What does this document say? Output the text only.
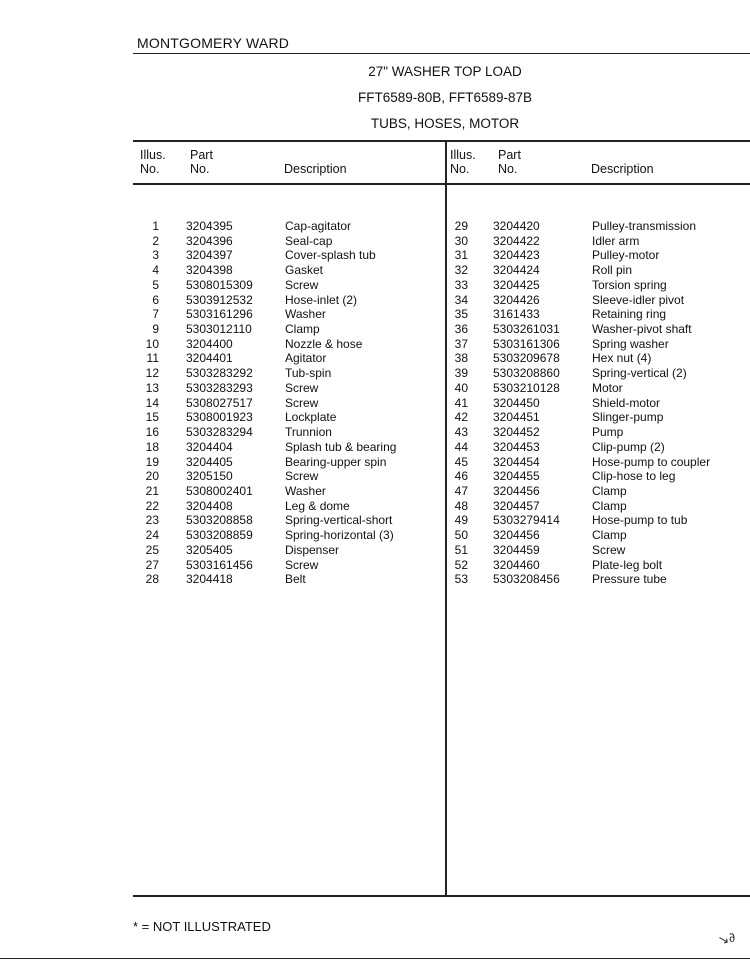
MONTGOMERY WARD
27" WASHER TOP LOAD
FFT6589-80B, FFT6589-87B
TUBS, HOSES, MOTOR
Illus.
No.
Part
No.	Description
Illus.
No.
Part
No.	Description
1 3204395	Cap-agitator
2 3204396	Seal-cap
3 3204397	Cover-splash tub
4 3204398	Gasket
5 5308015309	Screw
6 5303912532	Hose-inlet (2)
7 5303161296	Washer
9 5303012110	Clamp
10 3204400	Nozzle & hose
11 3204401	Agitator
12 5303283292	Tub-spin
13 5303283293	Screw
14 5308027517	Screw
15 5308001923	Lockplate
16 5303283294	Trunnion
18 3204404	Splash tub & bearing
19 3204405	Bearing-upper spin
20 3205150	Screw
21 5308002401	Washer
22 3204408	Leg & dome
23 5303208858	Spring-vertical-short
24 5303208859	Spring-horizontal (3)
25 3205405	Dispenser
27 5303161456	Screw
28 3204418	Belt
29 3204420	Pulley-transmission
30 3204422	Idler arm
31 3204423	Pulley-motor
32 3204424	Roll pin
33 3204425	Torsion spring
34 3204426	Sleeve-idler pivot
35 3161433	Retaining ring
36 5303261031	Washer-pivot shaft
37 5303161306	Spring washer
38 5303209678	Hex nut (4)
39 5303208860	Spring-vertical (2)
40 5303210128	Motor
41 3204450	Shield-motor
42 3204451	Slinger-pump
43 3204452	Pump
44 3204453	Clip-pump (2)
45 3204454	Hose-pump to coupler
46 3204455	Clip-hose to leg
47 3204456	Clamp
48 3204457	Clamp
49 5303279414	Hose-pump to tub
50 3204456	Clamp
51 3204459	Screw
52 3204460	Plate-leg bolt
53 5303208456	Pressure tube
* = NOT ILLUSTRATED
↘∂
